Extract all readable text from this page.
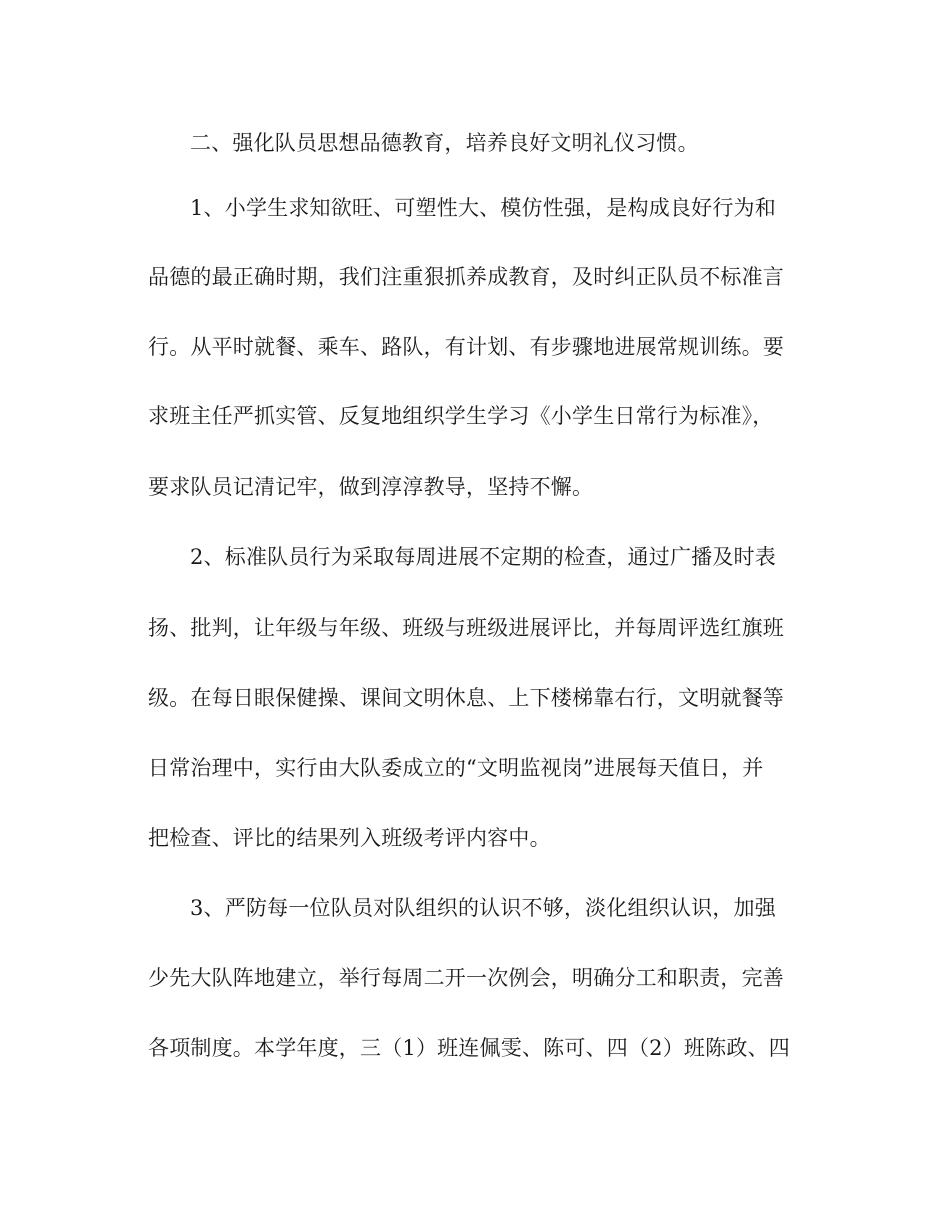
二、强化队员思想品德教育，培养良好文明礼仪习惯。
1、小学生求知欲旺、可塑性大、模仿性强，是构成良好行为和
品德的最正确时期，我们注重狠抓养成教育，及时纠正队员不标准言
行。从平时就餐、乘车、路队，有计划、有步骤地进展常规训练。要
求班主任严抓实管、反复地组织学生学习《小学生日常行为标准》，
要求队员记清记牢，做到淳淳教导，坚持不懈。
2、标准队员行为采取每周进展不定期的检查，通过广播及时表
扬、批判，让年级与年级、班级与班级进展评比，并每周评选红旗班
级。在每日眼保健操、课间文明休息、上下楼梯靠右行，文明就餐等
日常治理中，实行由大队委成立的“文明监视岗”进展每天值日，并
把检查、评比的结果列入班级考评内容中。
3、严防每一位队员对队组织的认识不够，淡化组织认识，加强
少先大队阵地建立，举行每周二开一次例会，明确分工和职责，完善
各项制度。本学年度，三（1）班连佩雯、陈可、四（2）班陈政、四
